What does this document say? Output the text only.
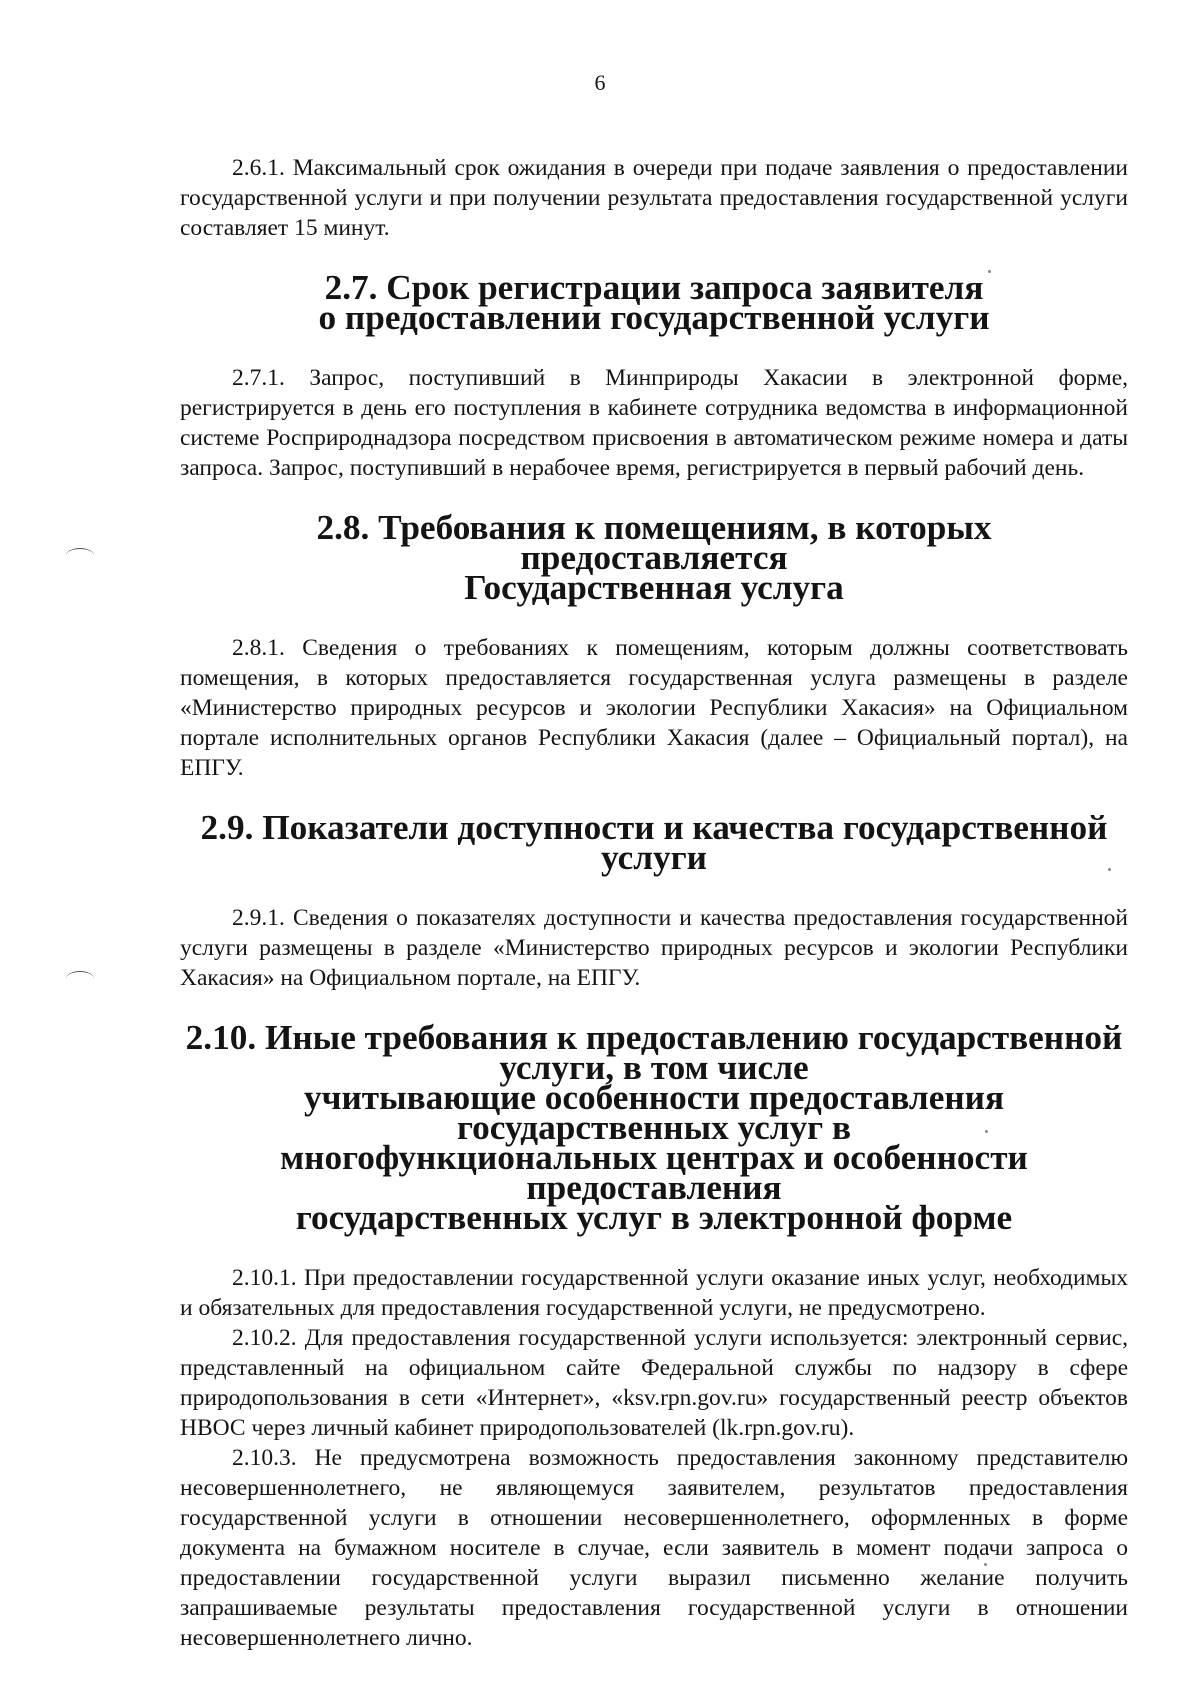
6

2.6.1. Максимальный срок ожидания в очереди при подаче заявления о предоставлении государственной услуги и при получении результата предоставления государственной услуги составляет 15 минут.

2.7. Срок регистрации запроса заявителя
о предоставлении государственной услуги

2.7.1. Запрос, поступивший в Минприроды Хакасии в электронной форме, регистрируется в день его поступления в кабинете сотрудника ведомства в информационной системе Росприроднадзора посредством присвоения в автоматическом режиме номера и даты запроса. Запрос, поступивший в нерабочее время, регистрируется в первый рабочий день.

2.8. Требования к помещениям, в которых предоставляется
Государственная услуга

2.8.1. Сведения о требованиях к помещениям, которым должны соответствовать помещения, в которых предоставляется государственная услуга размещены в разделе «Министерство природных ресурсов и экологии Республики Хакасия» на Официальном портале исполнительных органов Республики Хакасия (далее – Официальный портал), на ЕПГУ.

2.9. Показатели доступности и качества государственной услуги

2.9.1. Сведения о показателях доступности и качества предоставления государственной услуги размещены в разделе «Министерство природных ресурсов и экологии Республики Хакасия» на Официальном портале, на ЕПГУ.

2.10. Иные требования к предоставлению государственной услуги, в том числе
учитывающие особенности предоставления государственных услуг в
многофункциональных центрах и особенности предоставления
государственных услуг в электронной форме

2.10.1. При предоставлении государственной услуги оказание иных услуг, необходимых и обязательных для предоставления государственной услуги, не предусмотрено.

2.10.2. Для предоставления государственной услуги используется: электронный сервис, представленный на официальном сайте Федеральной службы по надзору в сфере природопользования в сети «Интернет», «ksv.rpn.gov.ru» государственный реестр объектов НВОС через личный кабинет природопользователей (lk.rpn.gov.ru).

2.10.3. Не предусмотрена возможность предоставления законному представителю несовершеннолетнего, не являющемуся заявителем, результатов предоставления государственной услуги в отношении несовершеннолетнего, оформленных в форме документа на бумажном носителе в случае, если заявитель в момент подачи запроса о предоставлении государственной услуги выразил письменно желание получить запрашиваемые результаты предоставления государственной услуги в отношении несовершеннолетнего лично.
